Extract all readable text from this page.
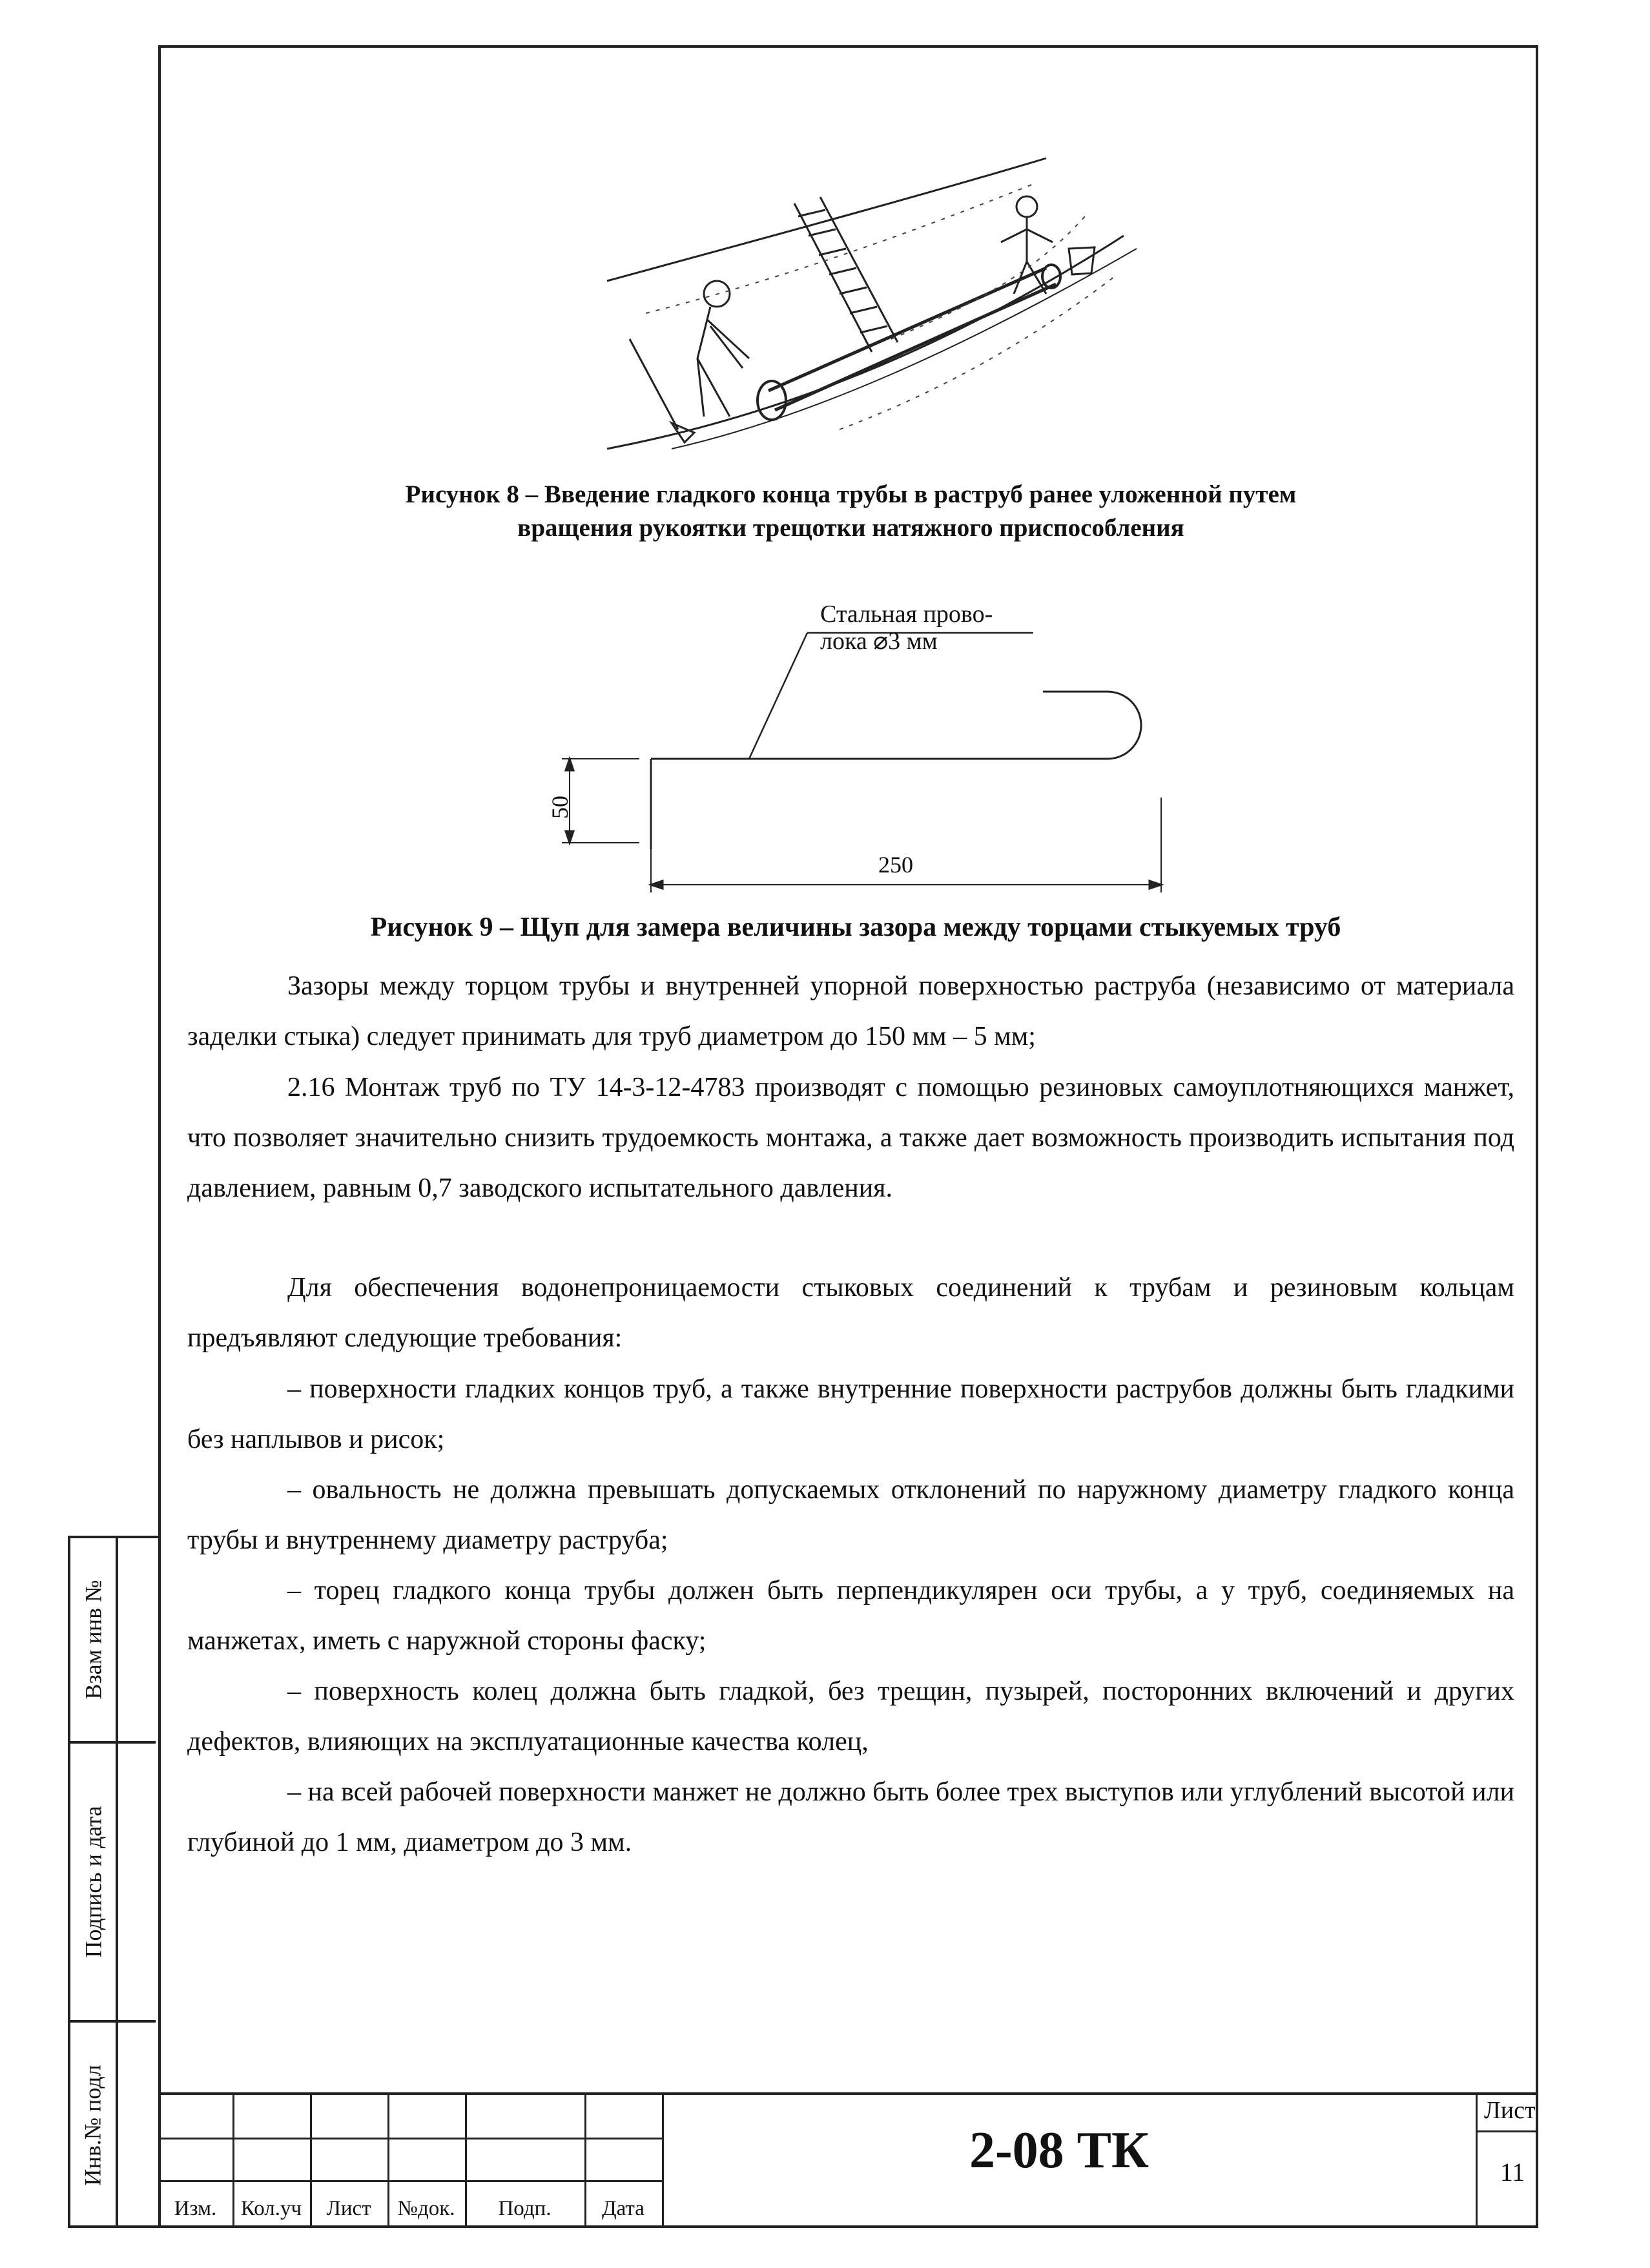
Взам инв №
Подпись и дата
Инв.№ подл
Рисунок 8 – Введение гладкого конца трубы в раструб ранее уложенной путем
вращения рукоятки трещотки натяжного приспособления
Стальная прово-
лока ⌀3 мм
50
250
Рисунок 9 – Щуп для замера величины зазора между торцами стыкуемых труб
Зазоры между торцом трубы и внутренней упорной поверхностью раструба (независимо от материала заделки стыка) следует принимать для труб диаметром до 150 мм – 5 мм;
2.16 Монтаж труб по ТУ 14-3-12-4783 производят с помощью резиновых самоуплотняющихся манжет, что позволяет значительно снизить трудоемкость монтажа, а также дает возможность производить испытания под давлением, равным 0,7 заводского испытательного давления.
Для обеспечения водонепроницаемости стыковых соединений к трубам и резиновым кольцам предъявляют следующие требования:
– поверхности гладких концов труб, а также внутренние поверхности раструбов должны быть гладкими без наплывов и рисок;
– овальность не должна превышать допускаемых отклонений по наружному диаметру гладкого конца трубы и внутреннему диаметру раструба;
– торец гладкого конца трубы должен быть перпендикулярен оси трубы, а у труб, соединяемых на манжетах, иметь с наружной стороны фаску;
– поверхность колец должна быть гладкой, без трещин, пузырей, посторонних включений и других дефектов, влияющих на эксплуатационные качества колец,
– на всей рабочей поверхности манжет не должно быть более трех выступов или углублений высотой или глубиной до 1 мм, диаметром до 3 мм.
Изм.	Кол.уч	Лист	№док.	Подп.	Дата
2-08 ТК
Лист
11
